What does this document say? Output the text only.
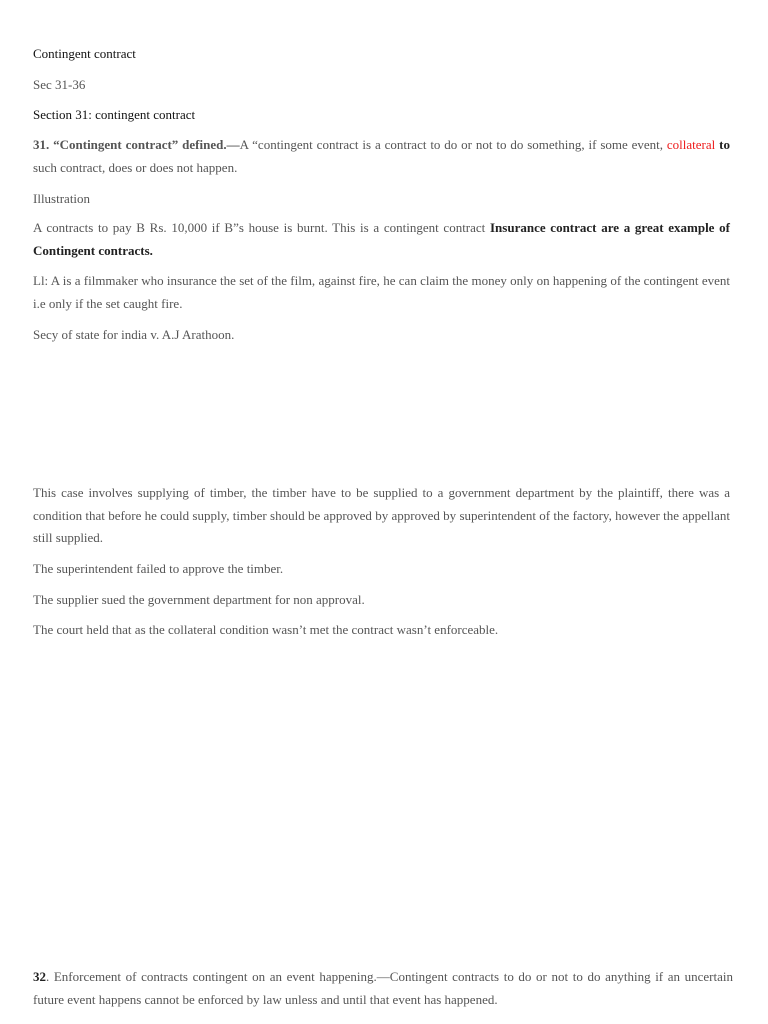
Contingent contract
Sec 31-36
Section 31: contingent contract
31. “Contingent contract” defined.—A “contingent contract is a contract to do or not to do something, if some event, collateral to such contract, does or does not happen.
Illustration
A contracts to pay B Rs. 10,000 if B”s house is burnt. This is a contingent contract Insurance contract are a great example of Contingent contracts.
Ll: A is a filmmaker who insurance the set of the film, against fire, he can claim the money only on happening of the contingent event i.e only if the set caught fire.
Secy of state for india v. A.J Arathoon.
This case involves supplying of timber, the timber have to be supplied to a government department by the plaintiff, there was a condition that before he could supply, timber should be approved by approved by superintendent of the factory, however the appellant still supplied.
The superintendent failed to approve the timber.
The supplier sued the government department for non approval.
The court held that as the collateral condition wasn’t met the contract wasn’t enforceable.
32. Enforcement of contracts contingent on an event happening.—Contingent contracts to do or not to do anything if an uncertain future event happens cannot be enforced by law unless and until that event has happened.
